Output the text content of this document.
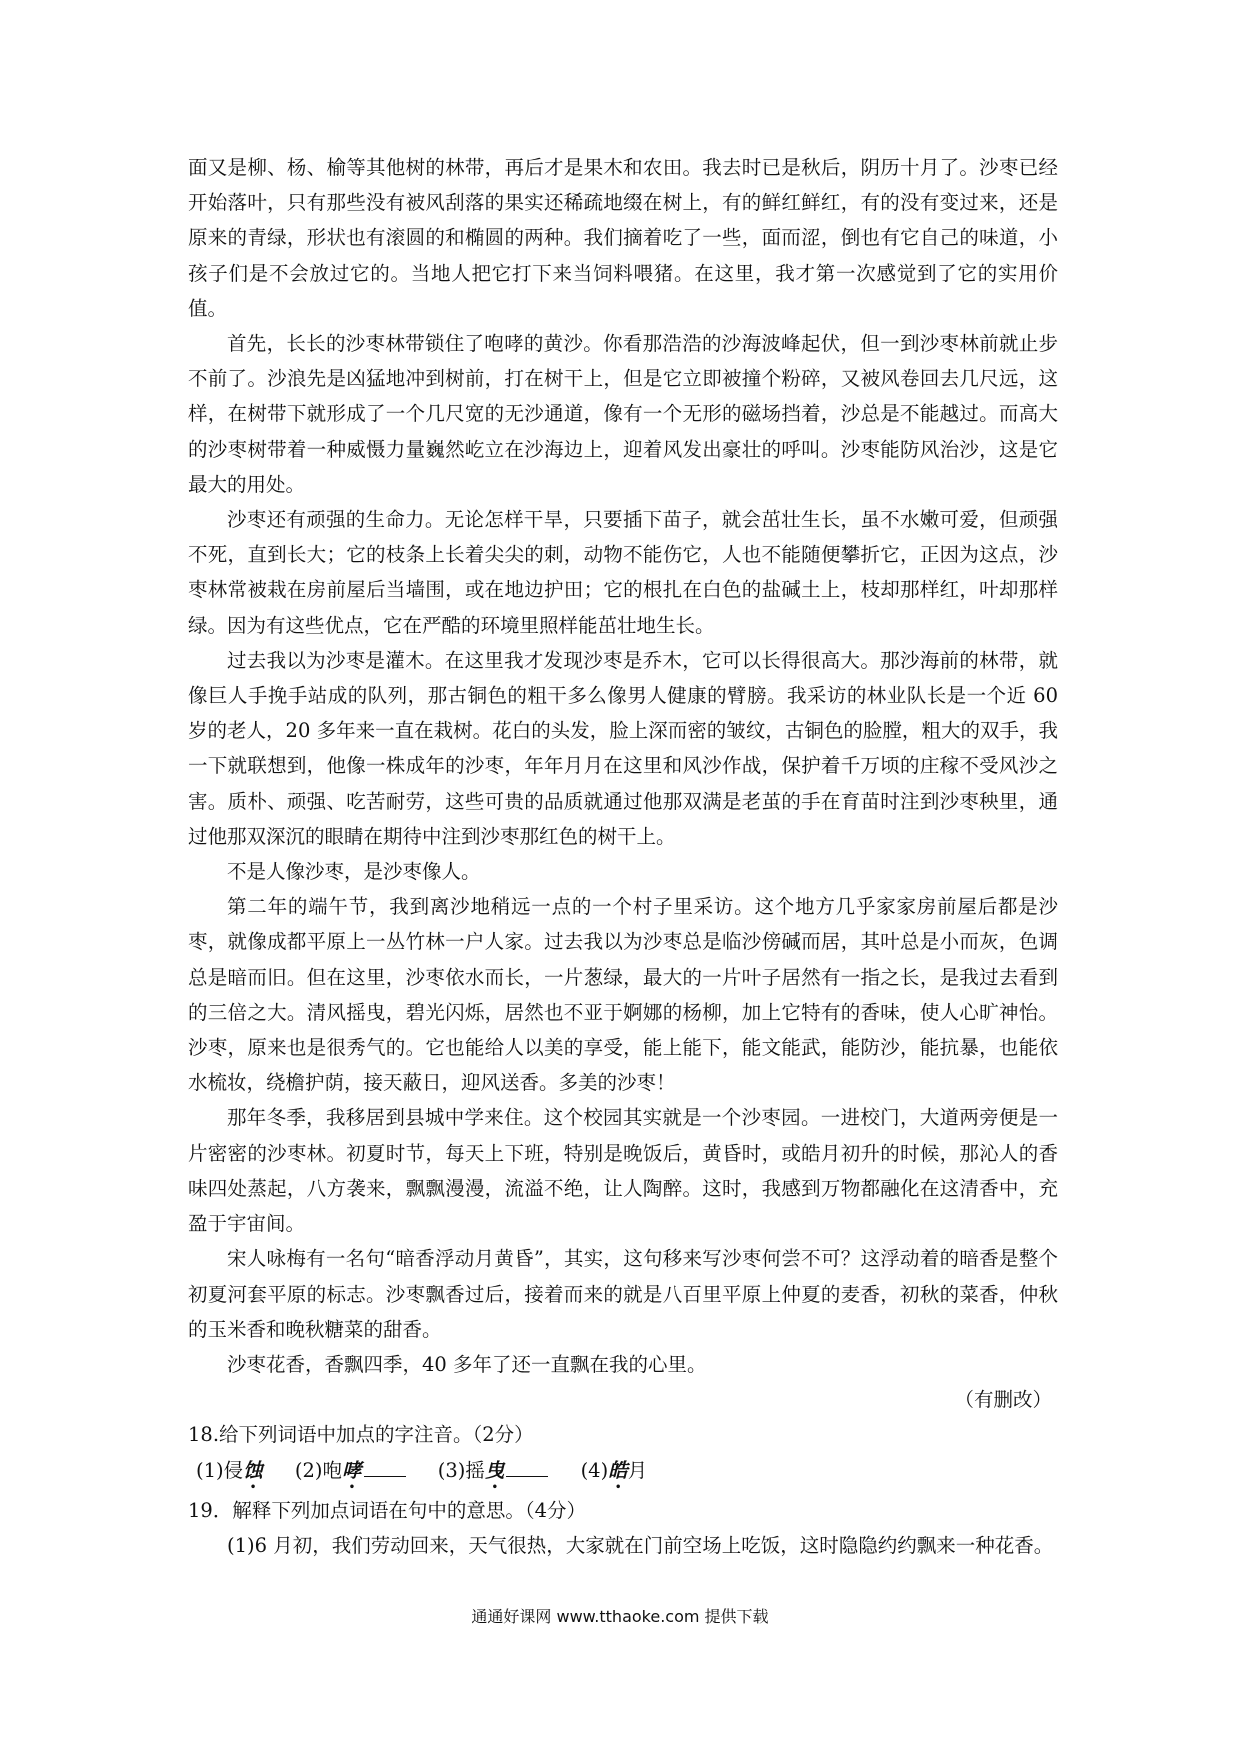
面又是柳、杨、榆等其他树的林带，再后才是果木和农田。我去时已是秋后，阴历十月了。沙枣已经开始落叶，只有那些没有被风刮落的果实还稀疏地缀在树上，有的鲜红鲜红，有的没有变过来，还是原来的青绿，形状也有滚圆的和椭圆的两种。我们摘着吃了一些，面而涩，倒也有它自己的味道，小孩子们是不会放过它的。当地人把它打下来当饲料喂猪。在这里，我才第一次感觉到了它的实用价值。

首先，长长的沙枣林带锁住了咆哮的黄沙。你看那浩浩的沙海波峰起伏，但一到沙枣林前就止步不前了。沙浪先是凶猛地冲到树前，打在树干上，但是它立即被撞个粉碎，又被风卷回去几尺远，这样，在树带下就形成了一个几尺宽的无沙通道，像有一个无形的磁场挡着，沙总是不能越过。而高大的沙枣树带着一种威慑力量巍然屹立在沙海边上，迎着风发出豪壮的呼叫。沙枣能防风治沙，这是它最大的用处。

沙枣还有顽强的生命力。无论怎样干旱，只要插下苗子，就会茁壮生长，虽不水嫩可爱，但顽强不死，直到长大；它的枝条上长着尖尖的刺，动物不能伤它，人也不能随便攀折它，正因为这点，沙枣林常被栽在房前屋后当墙围，或在地边护田；它的根扎在白色的盐碱土上，枝却那样红，叶却那样绿。因为有这些优点，它在严酷的环境里照样能茁壮地生长。

过去我以为沙枣是灌木。在这里我才发现沙枣是乔木，它可以长得很高大。那沙海前的林带，就像巨人手挽手站成的队列，那古铜色的粗干多么像男人健康的臂膀。我采访的林业队长是一个近 60 岁的老人，20 多年来一直在栽树。花白的头发，脸上深而密的皱纹，古铜色的脸膛，粗大的双手，我一下就联想到，他像一株成年的沙枣，年年月月在这里和风沙作战，保护着千万顷的庄稼不受风沙之害。质朴、顽强、吃苦耐劳，这些可贵的品质就通过他那双满是老茧的手在育苗时注到沙枣秧里，通过他那双深沉的眼睛在期待中注到沙枣那红色的树干上。

不是人像沙枣，是沙枣像人。

第二年的端午节，我到离沙地稍远一点的一个村子里采访。这个地方几乎家家房前屋后都是沙枣，就像成都平原上一丛竹林一户人家。过去我以为沙枣总是临沙傍碱而居，其叶总是小而灰，色调总是暗而旧。但在这里，沙枣依水而长，一片葱绿，最大的一片叶子居然有一指之长，是我过去看到的三倍之大。清风摇曳，碧光闪烁，居然也不亚于婀娜的杨柳，加上它特有的香味，使人心旷神怡。沙枣，原来也是很秀气的。它也能给人以美的享受，能上能下，能文能武，能防沙，能抗暴，也能依水梳妆，绕檐护荫，接天蔽日，迎风送香。多美的沙枣！

那年冬季，我移居到县城中学来住。这个校园其实就是一个沙枣园。一进校门，大道两旁便是一片密密的沙枣林。初夏时节，每天上下班，特别是晚饭后，黄昏时，或皓月初升的时候，那沁人的香味四处蒸起，八方袭来，飘飘漫漫，流溢不绝，让人陶醉。这时，我感到万物都融化在这清香中，充盈于宇宙间。

宋人咏梅有一名句“暗香浮动月黄昏”，其实，这句移来写沙枣何尝不可？这浮动着的暗香是整个初夏河套平原的标志。沙枣飘香过后，接着而来的就是八百里平原上仲夏的麦香，初秋的菜香，仲秋的玉米香和晚秋糖菜的甜香。

沙枣花香，香飘四季，40 多年了还一直飘在我的心里。

（有删改）

18.给下列词语中加点的字注音。（2分）

(1)侵蚀 (2)咆哮	(3)摇曳	(4)皓月

19．解释下列加点词语在句中的意思。（4分）

(1)6 月初，我们劳动回来，天气很热，大家就在门前空场上吃饭，这时隐隐约约飘来一种花香。

通通好课网 www.tthaoke.com 提供下载
